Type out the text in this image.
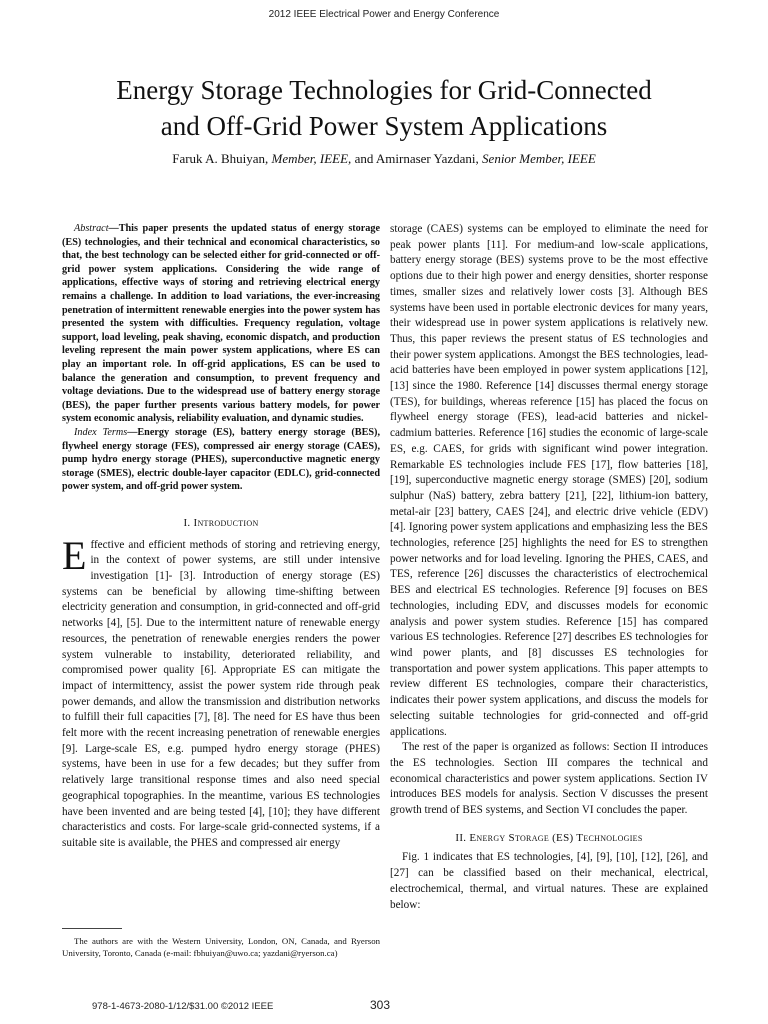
2012 IEEE Electrical Power and Energy Conference
Energy Storage Technologies for Grid-Connected
and Off-Grid Power System Applications
Faruk A. Bhuiyan, Member, IEEE, and Amirnaser Yazdani, Senior Member, IEEE

Abstract—This paper presents the updated status of energy storage (ES) technologies, and their technical and economical characteristics, so that, the best technology can be selected either for grid-connected or off-grid power system applications. Considering the wide range of applications, effective ways of storing and retrieving electrical energy remains a challenge. In addition to load variations, the ever-increasing penetration of intermittent renewable energies into the power system has presented the system with difficulties. Frequency regulation, voltage support, load leveling, peak shaving, economic dispatch, and production leveling represent the main power system applications, where ES can play an important role. In off-grid applications, ES can be used to balance the generation and consumption, to prevent frequency and voltage deviations. Due to the widespread use of battery energy storage (BES), the paper further presents various battery models, for power system economic analysis, reliability evaluation, and dynamic studies.

Index Terms—Energy storage (ES), battery energy storage (BES), flywheel energy storage (FES), compressed air energy storage (CAES), pump hydro energy storage (PHES), superconductive magnetic energy storage (SMES), electric double-layer capacitor (EDLC), grid-connected power system, and off-grid power system.

I. Introduction

Effective and efficient methods of storing and retrieving energy, in the context of power systems, are still under intensive investigation [1]- [3]. Introduction of energy storage (ES) systems can be beneficial by allowing time-shifting between electricity generation and consumption, in grid-connected and off-grid networks [4], [5]. Due to the intermittent nature of renewable energy resources, the penetration of renewable energies renders the power system vulnerable to instability, deteriorated reliability, and compromised power quality [6]. Appropriate ES can mitigate the impact of intermittency, assist the power system ride through peak power demands, and allow the transmission and distribution networks to fulfill their full capacities [7], [8]. The need for ES have thus been felt more with the recent increasing penetration of renewable energies [9]. Large-scale ES, e.g. pumped hydro energy storage (PHES) systems, have been in use for a few decades; but they suffer from relatively large transitional response times and also need special geographical topographies. In the meantime, various ES technologies have been invented and are being tested [4], [10]; they have different characteristics and costs. For large-scale grid-connected systems, if a suitable site is available, the PHES and compressed air energy

storage (CAES) systems can be employed to eliminate the need for peak power plants [11]. For medium-and low-scale applications, battery energy storage (BES) systems prove to be the most effective options due to their high power and energy densities, shorter response times, smaller sizes and relatively lower costs [3]. Although BES systems have been used in portable electronic devices for many years, their widespread use in power system applications is relatively new. Thus, this paper reviews the present status of ES technologies and their power system applications. Amongst the BES technologies, lead-acid batteries have been employed in power system applications [12], [13] since the 1980. Reference [14] discusses thermal energy storage (TES), for buildings, whereas reference [15] has placed the focus on flywheel energy storage (FES), lead-acid batteries and nickel-cadmium batteries. Reference [16] studies the economic of large-scale ES, e.g. CAES, for grids with significant wind power integration. Remarkable ES technologies include FES [17], flow batteries [18], [19], superconductive magnetic energy storage (SMES) [20], sodium sulphur (NaS) battery, zebra battery [21], [22], lithium-ion battery, metal-air [23] battery, CAES [24], and electric drive vehicle (EDV) [4]. Ignoring power system applications and emphasizing less the BES technologies, reference [25] highlights the need for ES to strengthen power networks and for load leveling. Ignoring the PHES, CAES, and TES, reference [26] discusses the characteristics of electrochemical BES and electrical ES technologies. Reference [9] focuses on BES technologies, including EDV, and discusses models for economic analysis and power system studies. Reference [15] has compared various ES technologies. Reference [27] describes ES technologies for wind power plants, and [8] discusses ES technologies for transportation and power system applications. This paper attempts to review different ES technologies, compare their characteristics, indicates their power system applications, and discuss the models for selecting suitable technologies for grid-connected and off-grid applications.

The rest of the paper is organized as follows: Section II introduces the ES technologies. Section III compares the technical and economical characteristics and power system applications. Section IV introduces BES models for analysis. Section V discusses the present growth trend of BES systems, and Section VI concludes the paper.

II. Energy Storage (ES) Technologies

Fig. 1 indicates that ES technologies, [4], [9], [10], [12], [26], and [27] can be classified based on their mechanical, electrical, electrochemical, thermal, and virtual natures. These are explained below:

The authors are with the Western University, London, ON, Canada, and Ryerson University, Toronto, Canada (e-mail: fbhuiyan@uwo.ca; yazdani@ryerson.ca)
978-1-4673-2080-1/12/$31.00 ©2012 IEEE	303
